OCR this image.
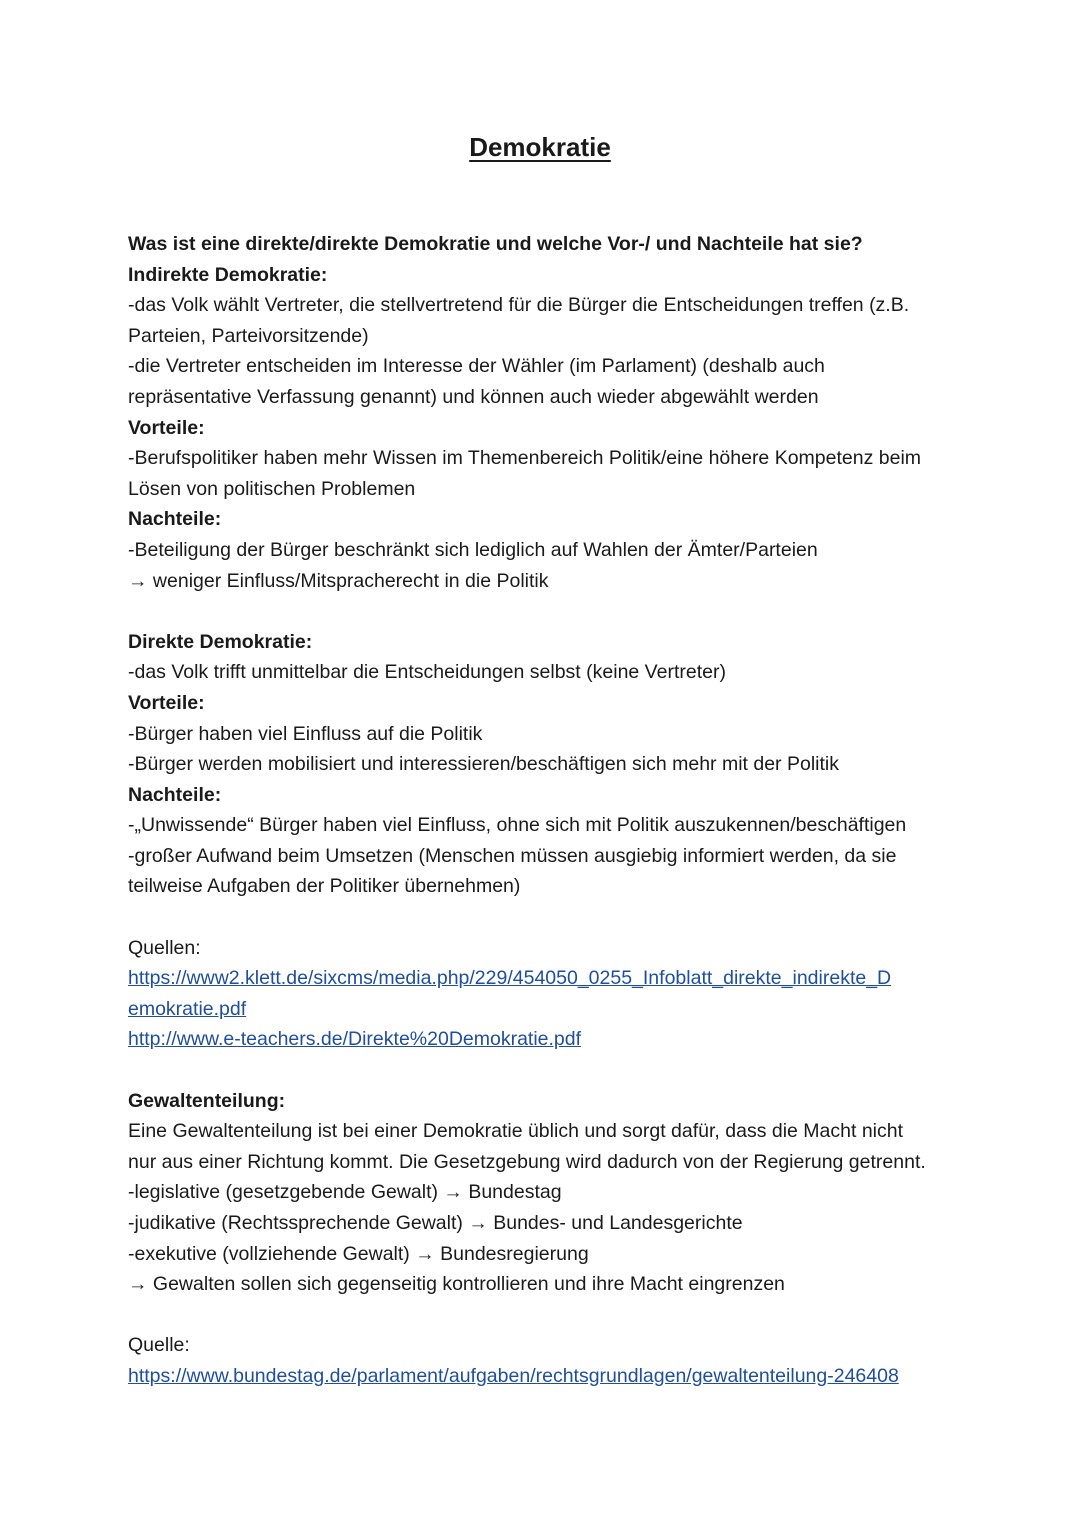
Demokratie
Was ist eine direkte/direkte Demokratie und welche Vor-/ und Nachteile hat sie?
Indirekte Demokratie:
-das Volk wählt Vertreter, die stellvertretend für die Bürger die Entscheidungen treffen (z.B.
Parteien, Parteivorsitzende)
-die Vertreter entscheiden im Interesse der Wähler (im Parlament) (deshalb auch
repräsentative Verfassung genannt) und können auch wieder abgewählt werden
Vorteile:
-Berufspolitiker haben mehr Wissen im Themenbereich Politik/eine höhere Kompetenz beim
Lösen von politischen Problemen
Nachteile:
-Beteiligung der Bürger beschränkt sich lediglich auf Wahlen der Ämter/Parteien
→ weniger Einfluss/Mitspracherecht in die Politik
Direkte Demokratie:
-das Volk trifft unmittelbar die Entscheidungen selbst (keine Vertreter)
Vorteile:
-Bürger haben viel Einfluss auf die Politik
-Bürger werden mobilisiert und interessieren/beschäftigen sich mehr mit der Politik
Nachteile:
-„Unwissende“ Bürger haben viel Einfluss, ohne sich mit Politik auszukennen/beschäftigen
-großer Aufwand beim Umsetzen (Menschen müssen ausgiebig informiert werden, da sie
teilweise Aufgaben der Politiker übernehmen)
Quellen:
https://www2.klett.de/sixcms/media.php/229/454050_0255_Infoblatt_direkte_indirekte_D
emokratie.pdf
http://www.e-teachers.de/Direkte%20Demokratie.pdf
Gewaltenteilung:
Eine Gewaltenteilung ist bei einer Demokratie üblich und sorgt dafür, dass die Macht nicht
nur aus einer Richtung kommt. Die Gesetzgebung wird dadurch von der Regierung getrennt.
-legislative (gesetzgebende Gewalt) → Bundestag
-judikative (Rechtssprechende Gewalt) → Bundes- und Landesgerichte
-exekutive (vollziehende Gewalt) → Bundesregierung
→ Gewalten sollen sich gegenseitig kontrollieren und ihre Macht eingrenzen
Quelle:
https://www.bundestag.de/parlament/aufgaben/rechtsgrundlagen/gewaltenteilung-246408
